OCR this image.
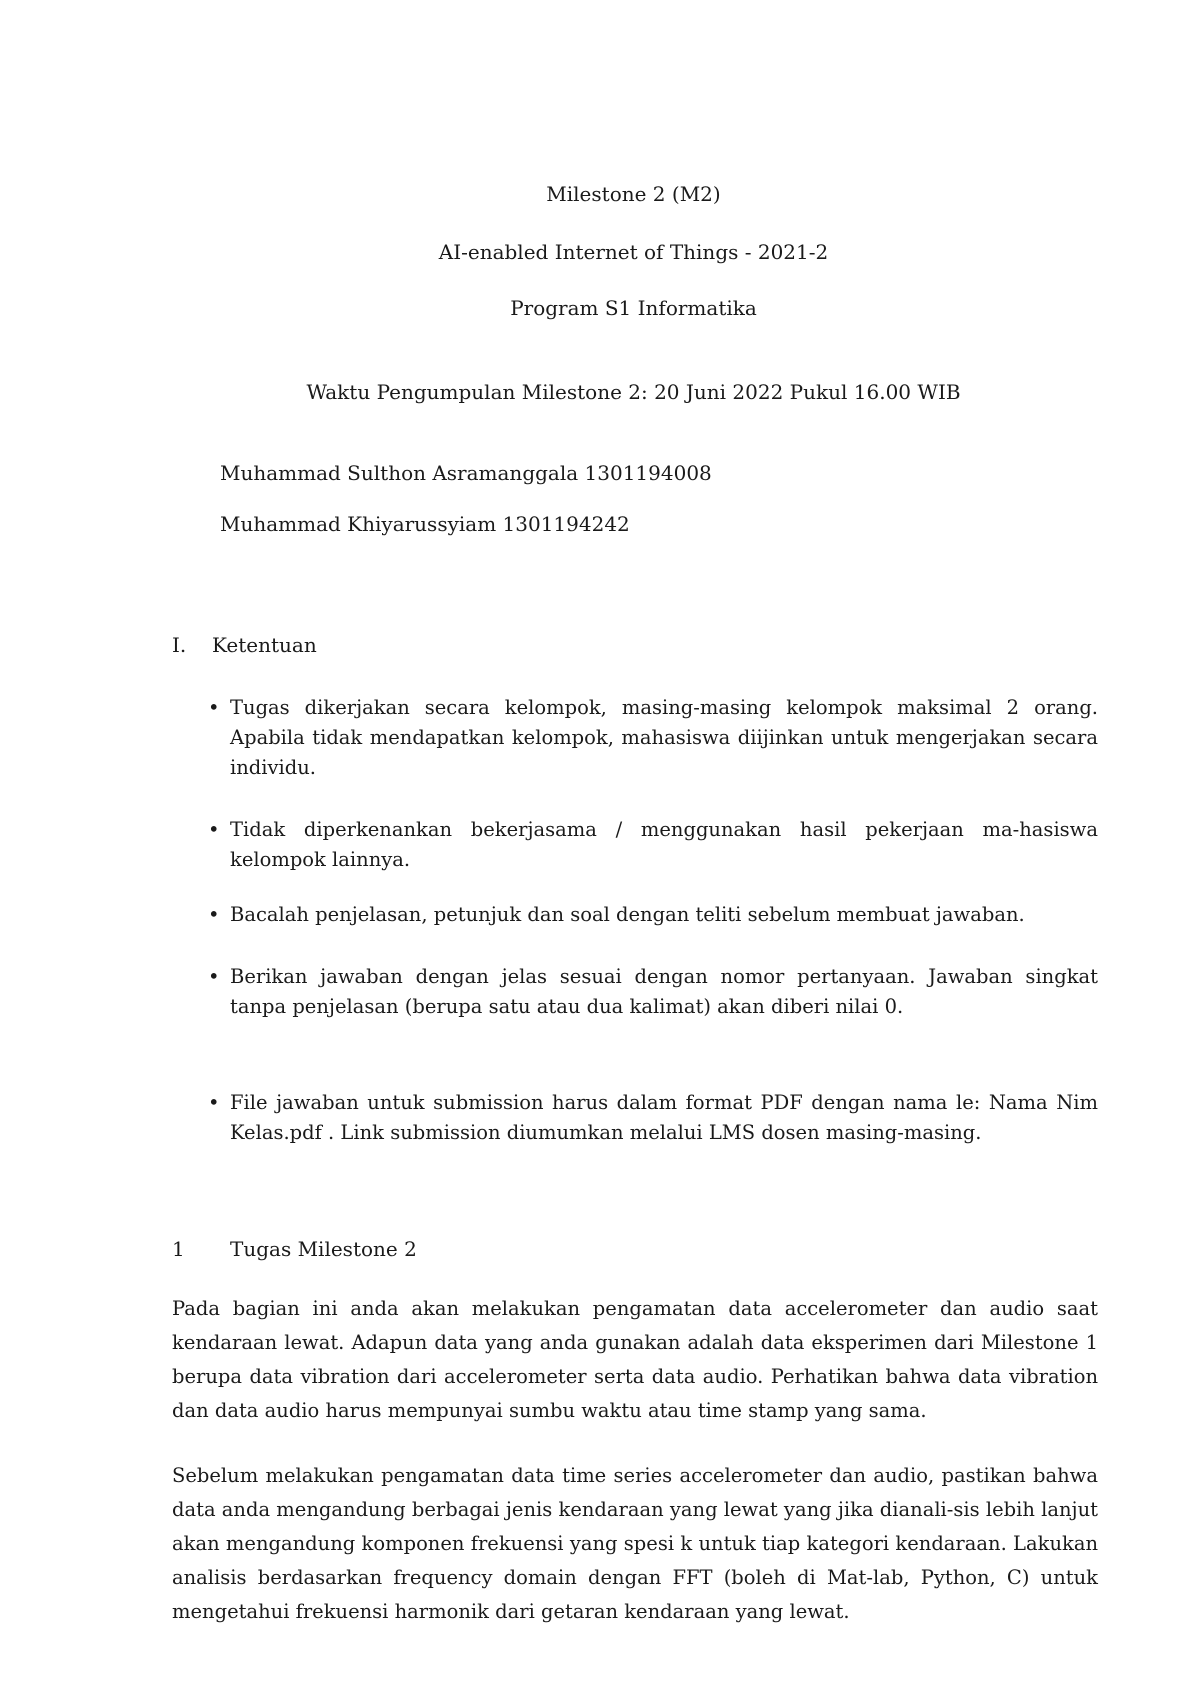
Milestone 2 (M2)
AI-enabled Internet of Things - 2021-2
Program S1 Informatika
Waktu Pengumpulan Milestone 2: 20 Juni 2022 Pukul 16.00 WIB
Muhammad Sulthon Asramanggala 1301194008
Muhammad Khiyarussyiam 1301194242
I. Ketentuan
• Tugas dikerjakan secara kelompok, masing-masing kelompok maksimal 2 orang. Apabila tidak mendapatkan kelompok, mahasiswa diijinkan untuk mengerjakan secara individu.
• Tidak diperkenankan bekerjasama / menggunakan hasil pekerjaan ma-hasiswa kelompok lainnya.
• Bacalah penjelasan, petunjuk dan soal dengan teliti sebelum membuat jawaban.
• Berikan jawaban dengan jelas sesuai dengan nomor pertanyaan. Jawaban singkat tanpa penjelasan (berupa satu atau dua kalimat) akan diberi nilai 0.
• File jawaban untuk submission harus dalam format PDF dengan nama le: Nama Nim Kelas.pdf . Link submission diumumkan melalui LMS dosen masing-masing.
1 Tugas Milestone 2
Pada bagian ini anda akan melakukan pengamatan data accelerometer dan audio saat kendaraan lewat. Adapun data yang anda gunakan adalah data eksperimen dari Milestone 1 berupa data vibration dari accelerometer serta data audio. Perhatikan bahwa data vibration dan data audio harus mempunyai sumbu waktu atau time stamp yang sama.
Sebelum melakukan pengamatan data time series accelerometer dan audio, pastikan bahwa data anda mengandung berbagai jenis kendaraan yang lewat yang jika dianali-sis lebih lanjut akan mengandung komponen frekuensi yang spesi k untuk tiap kategori kendaraan. Lakukan analisis berdasarkan frequency domain dengan FFT (boleh di Mat-lab, Python, C) untuk mengetahui frekuensi harmonik dari getaran kendaraan yang lewat.
